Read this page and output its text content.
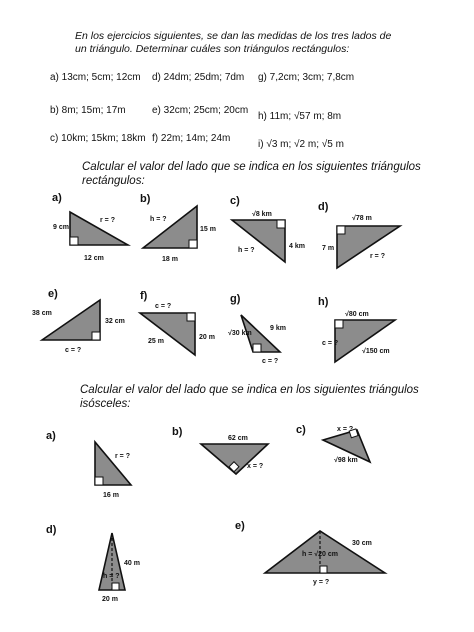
En los ejercicios siguientes, se dan las medidas de los tres lados de
un triángulo. Determinar cuáles son triángulos rectángulos:
a) 13cm; 5cm; 12cm d) 24dm; 25dm; 7dm g) 7,2cm; 3cm; 7,8cm
b) 8m; 15m; 17m	e) 32cm; 25cm; 20cm
h) 11m; √57 m; 8m
c) 10km; 15km; 18km f) 22m; 14m; 24m
i) √3 m; √2 m; √5 m
Calcular el valor del lado que se indica en los siguientes triángulos
rectángulos:
Calcular el valor del lado que se indica en los siguientes triángulos
isósceles:
a)	b)	c)	d)
e)	f)	g)	h)
a)	b)	c)
d)	e)
9 cm
12 cm
r = ?	h = ?
15 m
18 m
√8 km
4 km
h = ?
√78 m
7 m
r = ?
38 cm
32 cm
c = ?
c = ?
20 m
25 m
√30 km
9 km
c = ?
√80 cm
c = ?
√150 cm
r = ?
16 m
62 cm
x = ?
x = ?
√98 km
40 m
h = ?
20 m
30 cm
h = √20 cm
y = ?
